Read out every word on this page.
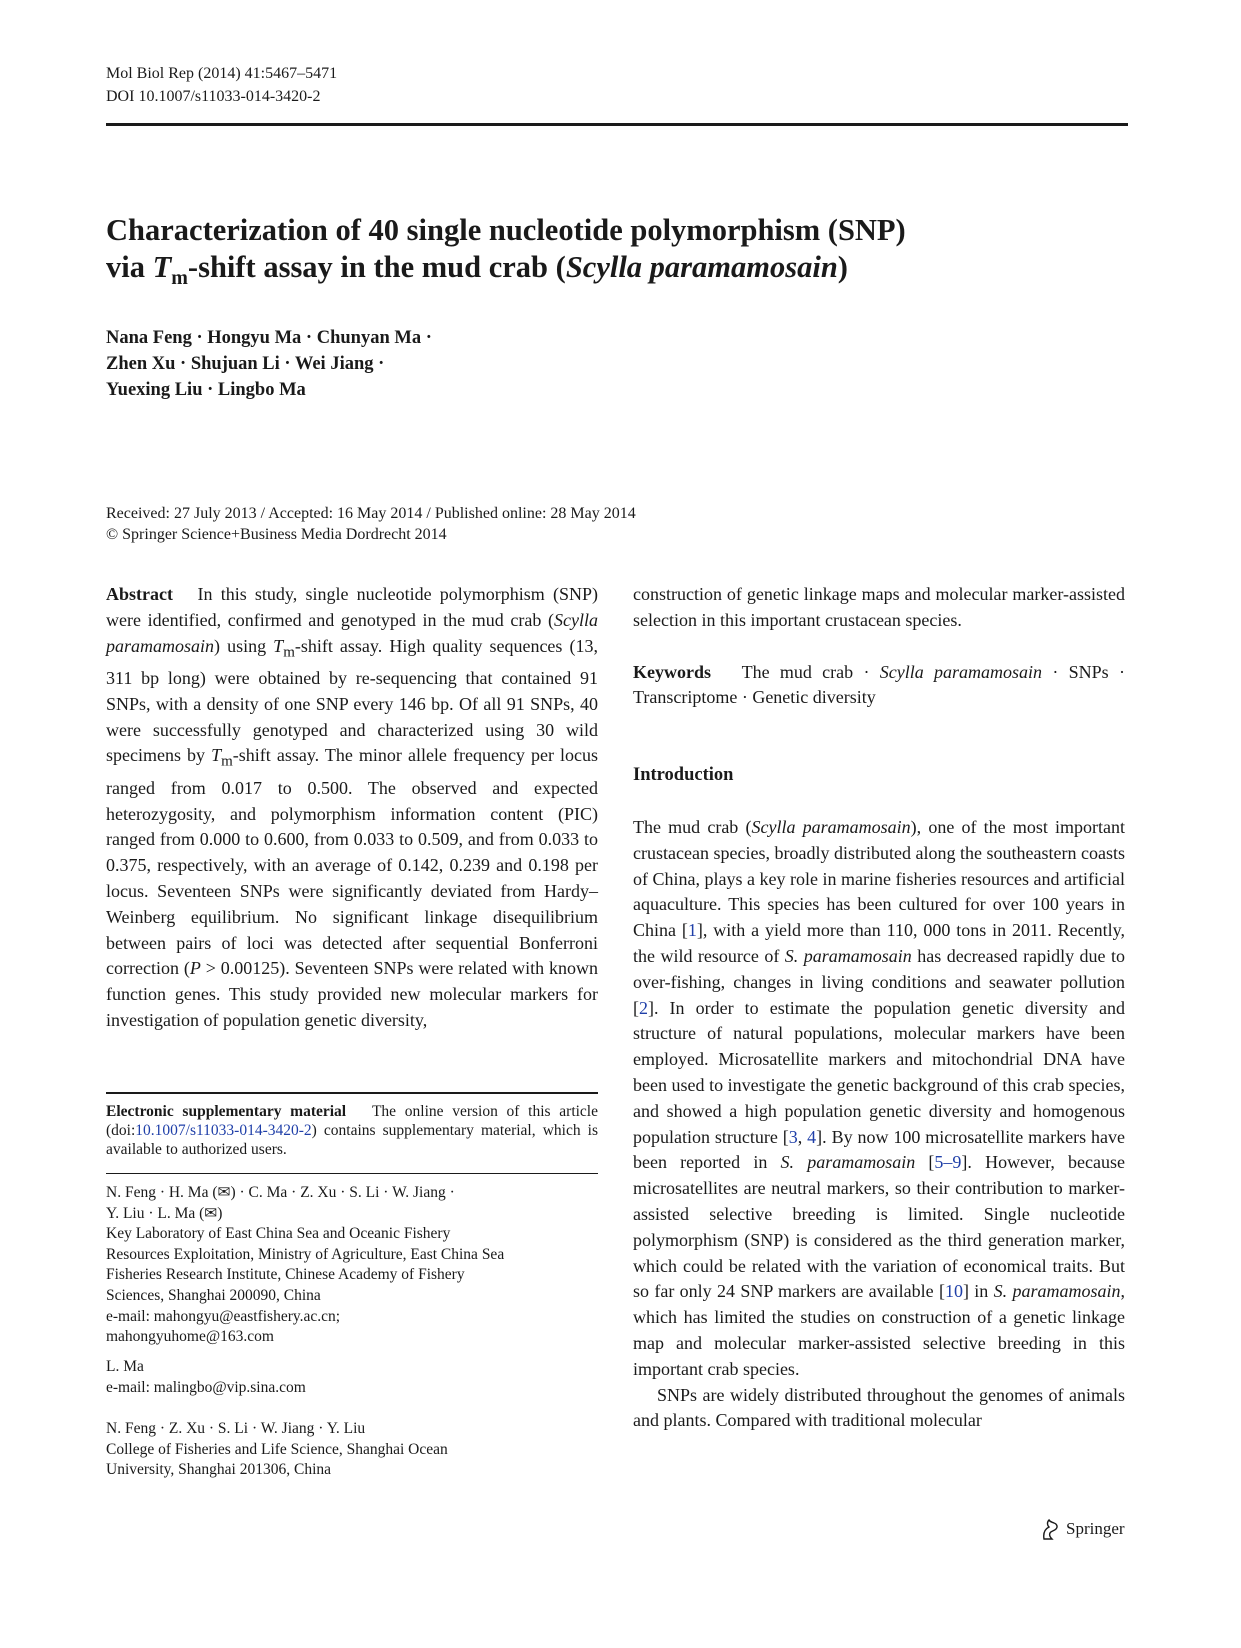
Mol Biol Rep (2014) 41:5467–5471
DOI 10.1007/s11033-014-3420-2
Characterization of 40 single nucleotide polymorphism (SNP)
via $T_m$-shift assay in the mud crab (Scylla paramamosain)
Nana Feng · Hongyu Ma · Chunyan Ma ·
Zhen Xu · Shujuan Li · Wei Jiang ·
Yuexing Liu · Lingbo Ma
Received: 27 July 2013 / Accepted: 16 May 2014 / Published online: 28 May 2014
© Springer Science+Business Media Dordrecht 2014

Abstract In this study, single nucleotide polymorphism (SNP) were identified, confirmed and genotyped in the mud crab (Scylla paramamosain) using $T_m$-shift assay. High quality sequences (13, 311 bp long) were obtained by re-sequencing that contained 91 SNPs, with a density of one SNP every 146 bp. Of all 91 SNPs, 40 were successfully genotyped and characterized using 30 wild specimens by $T_m$-shift assay. The minor allele frequency per locus ranged from 0.017 to 0.500. The observed and expected heterozygosity, and polymorphism information content (PIC) ranged from 0.000 to 0.600, from 0.033 to 0.509, and from 0.033 to 0.375, respectively, with an average of 0.142, 0.239 and 0.198 per locus. Seventeen SNPs were significantly deviated from Hardy–Weinberg equilibrium. No significant linkage disequilibrium between pairs of loci was detected after sequential Bonferroni correction (P > 0.00125). Seventeen SNPs were related with known function genes. This study provided new molecular markers for investigation of population genetic diversity,

Electronic supplementary material The online version of this article (doi:10.1007/s11033-014-3420-2) contains supplementary material, which is available to authorized users.

N. Feng · H. Ma (✉) · C. Ma · Z. Xu · S. Li · W. Jiang ·

Y. Liu · L. Ma (✉)

Key Laboratory of East China Sea and Oceanic Fishery

Resources Exploitation, Ministry of Agriculture, East China Sea

Fisheries Research Institute, Chinese Academy of Fishery

Sciences, Shanghai 200090, China

e-mail: mahongyu@eastfishery.ac.cn;

mahongyuhome@163.com

L. Ma

e-mail: malingbo@vip.sina.com

N. Feng · Z. Xu · S. Li · W. Jiang · Y. Liu

College of Fisheries and Life Science, Shanghai Ocean

University, Shanghai 201306, China

construction of genetic linkage maps and molecular marker-assisted selection in this important crustacean species.

Keywords The mud crab · Scylla paramamosain · SNPs · Transcriptome · Genetic diversity

Introduction

The mud crab (Scylla paramamosain), one of the most important crustacean species, broadly distributed along the southeastern coasts of China, plays a key role in marine fisheries resources and artificial aquaculture. This species has been cultured for over 100 years in China [1], with a yield more than 110, 000 tons in 2011. Recently, the wild resource of S. paramamosain has decreased rapidly due to over-fishing, changes in living conditions and seawater pollution [2]. In order to estimate the population genetic diversity and structure of natural populations, molecular markers have been employed. Microsatellite markers and mitochondrial DNA have been used to investigate the genetic background of this crab species, and showed a high population genetic diversity and homogenous population structure [3, 4]. By now 100 microsatellite markers have been reported in S. paramamosain [5–9]. However, because microsatellites are neutral markers, so their contribution to marker-assisted selective breeding is limited. Single nucleotide polymorphism (SNP) is considered as the third generation marker, which could be related with the variation of economical traits. But so far only 24 SNP markers are available [10] in S. paramamosain, which has limited the studies on construction of a genetic linkage map and molecular marker-assisted selective breeding in this important crab species.

SNPs are widely distributed throughout the genomes of animals and plants. Compared with traditional molecular

Springer
